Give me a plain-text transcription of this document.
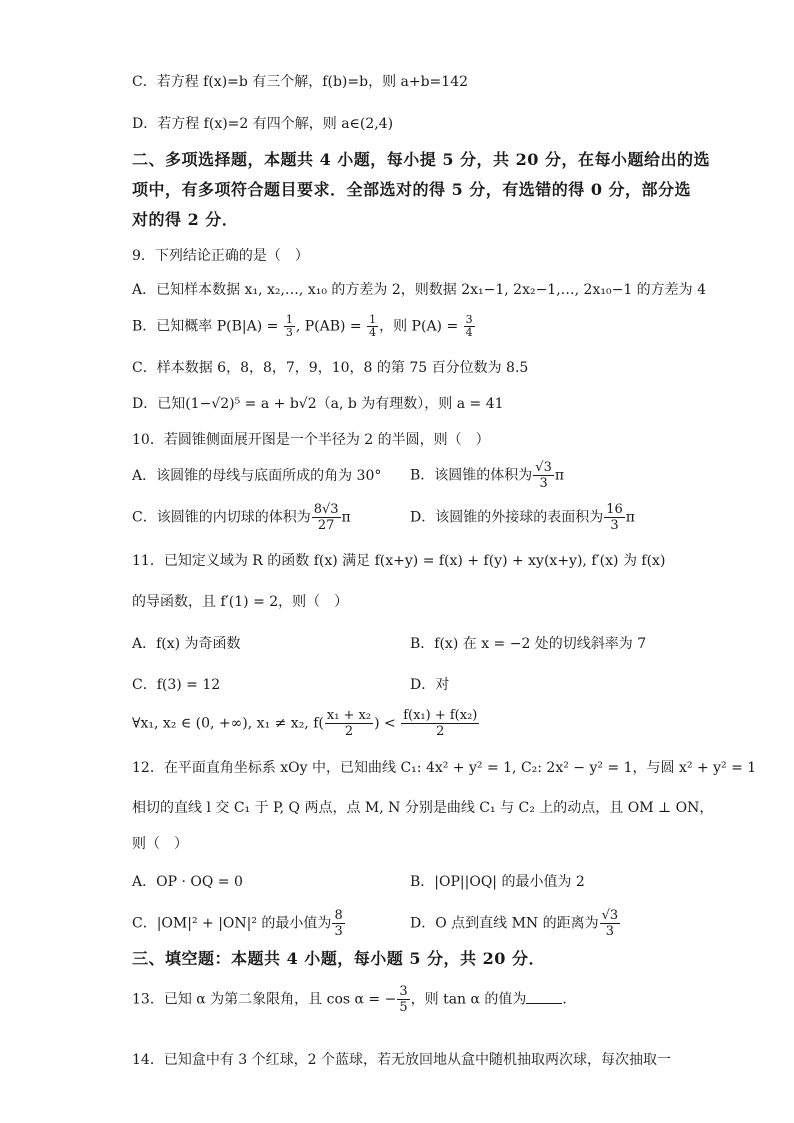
C．若方程 f(x)=b 有三个解，f(b)=b，则 a+b=142
D．若方程 f(x)=2 有四个解，则 a∈(2,4)
二、多项选择题，本题共 4 小题，每小提 5 分，共 20 分，在每小题给出的选
项中，有多项符合题目要求．全部选对的得 5 分，有选错的得 0 分，部分选
对的得 2 分．
9．下列结论正确的是（　）
A．已知样本数据 x₁, x₂,…, x₁₀ 的方差为 2，则数据 2x₁−1, 2x₂−1,…, 2x₁₀−1 的方差为 4
B．已知概率 $P(B|A) = \frac{1}{3}$ , $P(AB) = \frac{1}{4}$ ，则 $P(A) = \frac{3}{4}$
C．样本数据 6，8，8，7，9，10，8 的第 75 百分位数为 8.5
D．已知(1−√2)⁵ = a + b√2（a, b 为有理数），则 a = 41
10．若圆锥侧面展开图是一个半径为 2 的半圆，则（　）
A．该圆锥的母线与底面所成的角为 30° B．该圆锥的体积为 $\frac{√3}{3}$ π
C．该圆锥的内切球的体积为 $\frac{8√3}{27}$ π	D．该圆锥的外接球的表面积为 $\frac{16}{3}$ π
11．已知定义域为 R 的函数 f(x) 满足 f(x+y) = f(x) + f(y) + xy(x+y), f′(x) 为 f(x)
的导函数，且 f′(1) = 2，则（　）
A．f(x) 为奇函数	B．f(x) 在 x = −2 处的切线斜率为 7
C．f(3) = 12	D．对
∀x₁, x₂ ∈ (0, +∞), x₁ ≠ x₂, $f( \frac{\text{x₁ + x₂}}{2}$ ) < $\frac{\text{f(x₁) + f(x₂)}}{2}$
12．在平面直角坐标系 xOy 中，已知曲线 C₁: 4x² + y² = 1, C₂: 2x² − y² = 1，与圆 x² + y² = 1
相切的直线 l 交 C₁ 于 P, Q 两点，点 M, N 分别是曲线 C₁ 与 C₂ 上的动点，且 OM ⊥ ON，
则（　）
A．OP · OQ = 0	B．|OP||OQ| 的最小值为 2
C．|OM|² + |ON|² 的最小值为 $\frac{8}{3}$	D．O 点到直线 MN 的距离为 $\frac{√3}{3}$
三、填空题：本题共 4 小题，每小题 5 分，共 20 分．
13．已知 α 为第二象限角，且 cos α = − $\frac{3}{5}$ ，则 tan α 的值为	．
14．已知盒中有 3 个红球，2 个蓝球，若无放回地从盒中随机抽取两次球，每次抽取一
